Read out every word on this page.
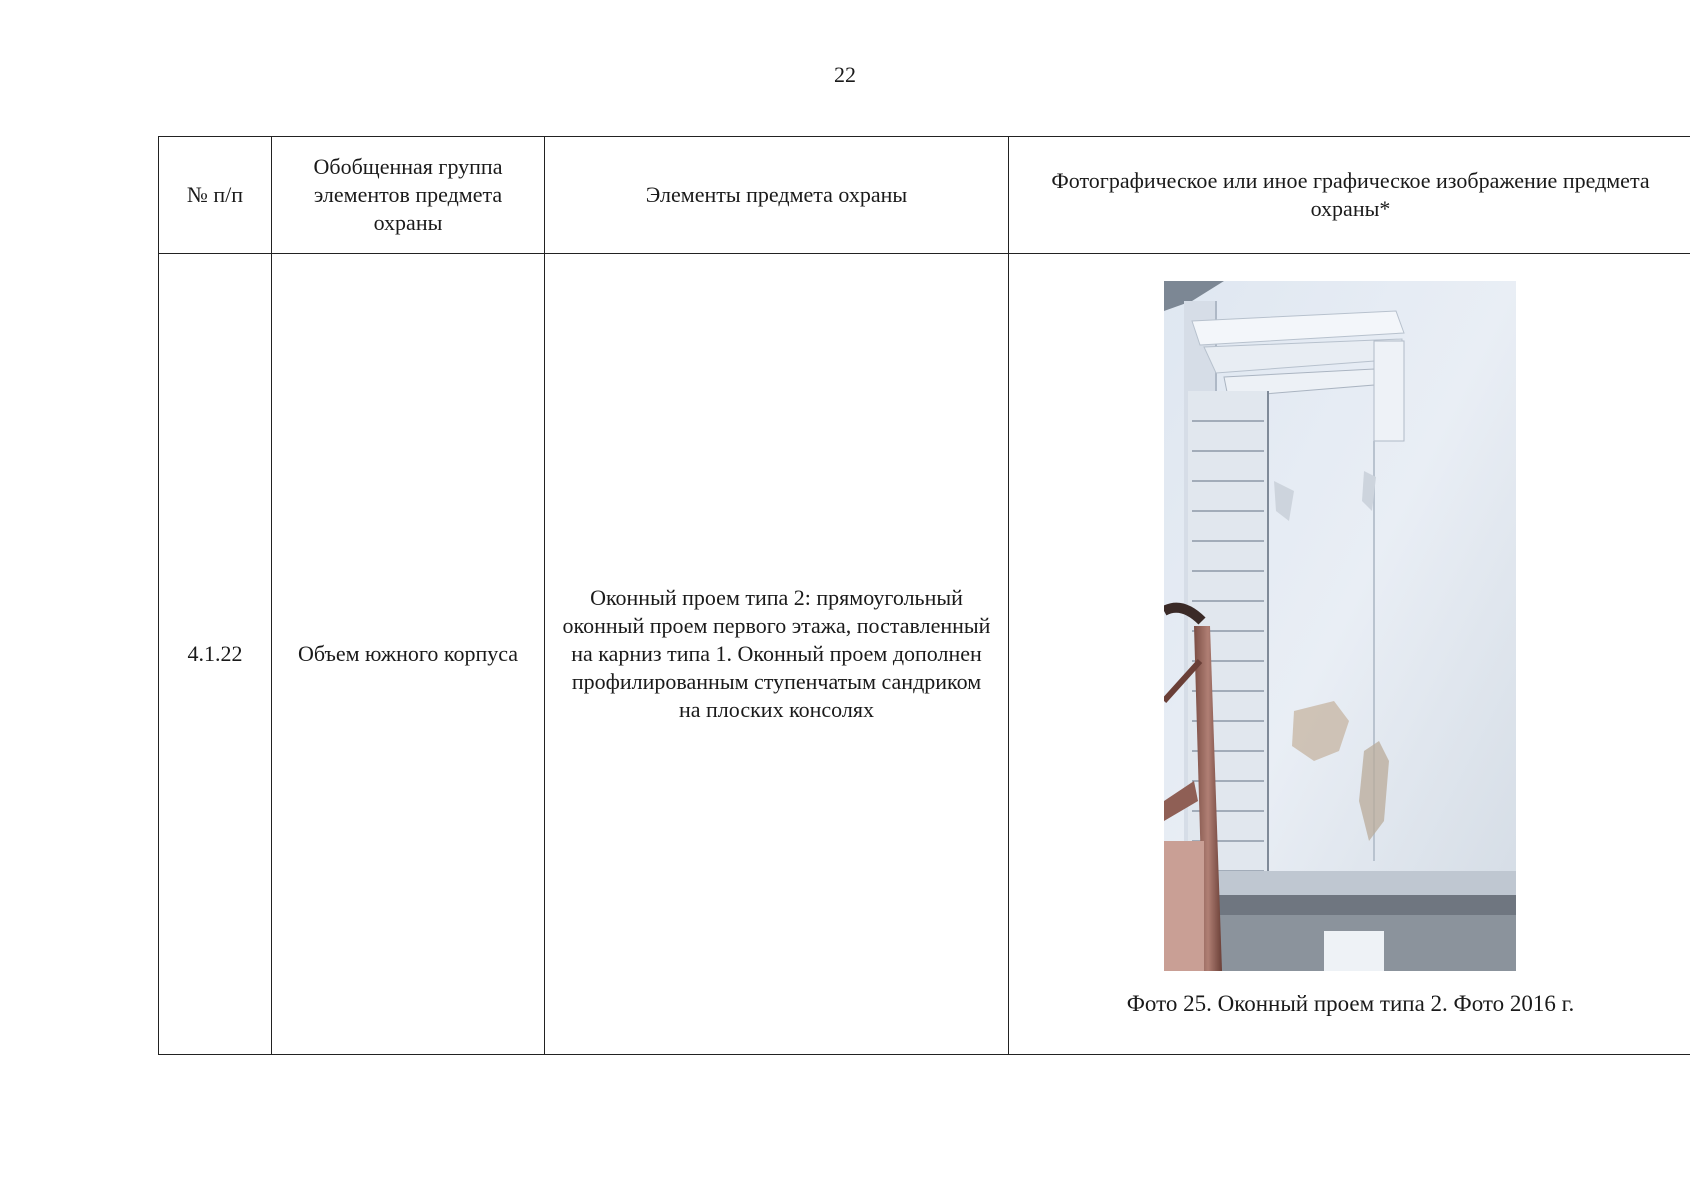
22
№ п/п	Обобщенная группа элементов предмета охраны	Элементы предмета охраны	Фотографическое или иное графическое изображение предмета охраны*
4.1.22	Объем южного корпуса	Оконный проем типа 2: прямоугольный оконный проем первого этажа, поставленный на карниз типа 1. Оконный проем дополнен профилированным ступенчатым сандриком на плоских консолях	Фото 25. Оконный проем типа 2. Фото 2016 г.
